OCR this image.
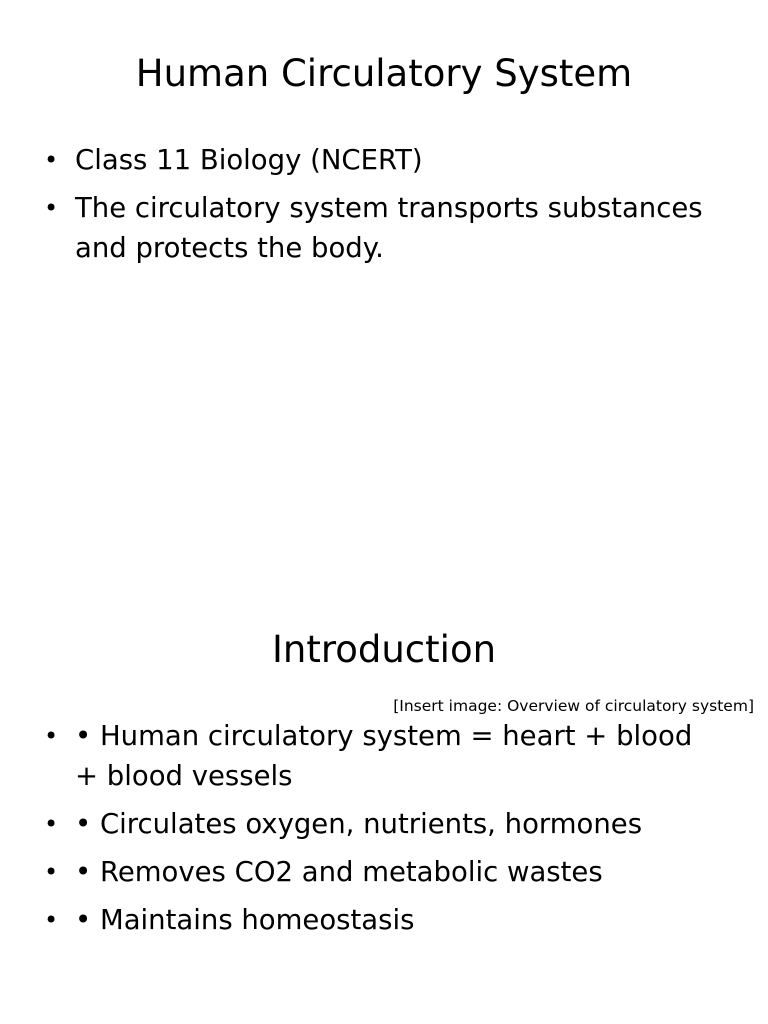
Human Circulatory System
• Class 11 Biology (NCERT)
• The circulatory system transports substances and protects the body.
Introduction
[Insert image: Overview of circulatory system]
• • Human circulatory system = heart + blood + blood vessels
• • Circulates oxygen, nutrients, hormones
• • Removes CO2 and metabolic wastes
• • Maintains homeostasis
